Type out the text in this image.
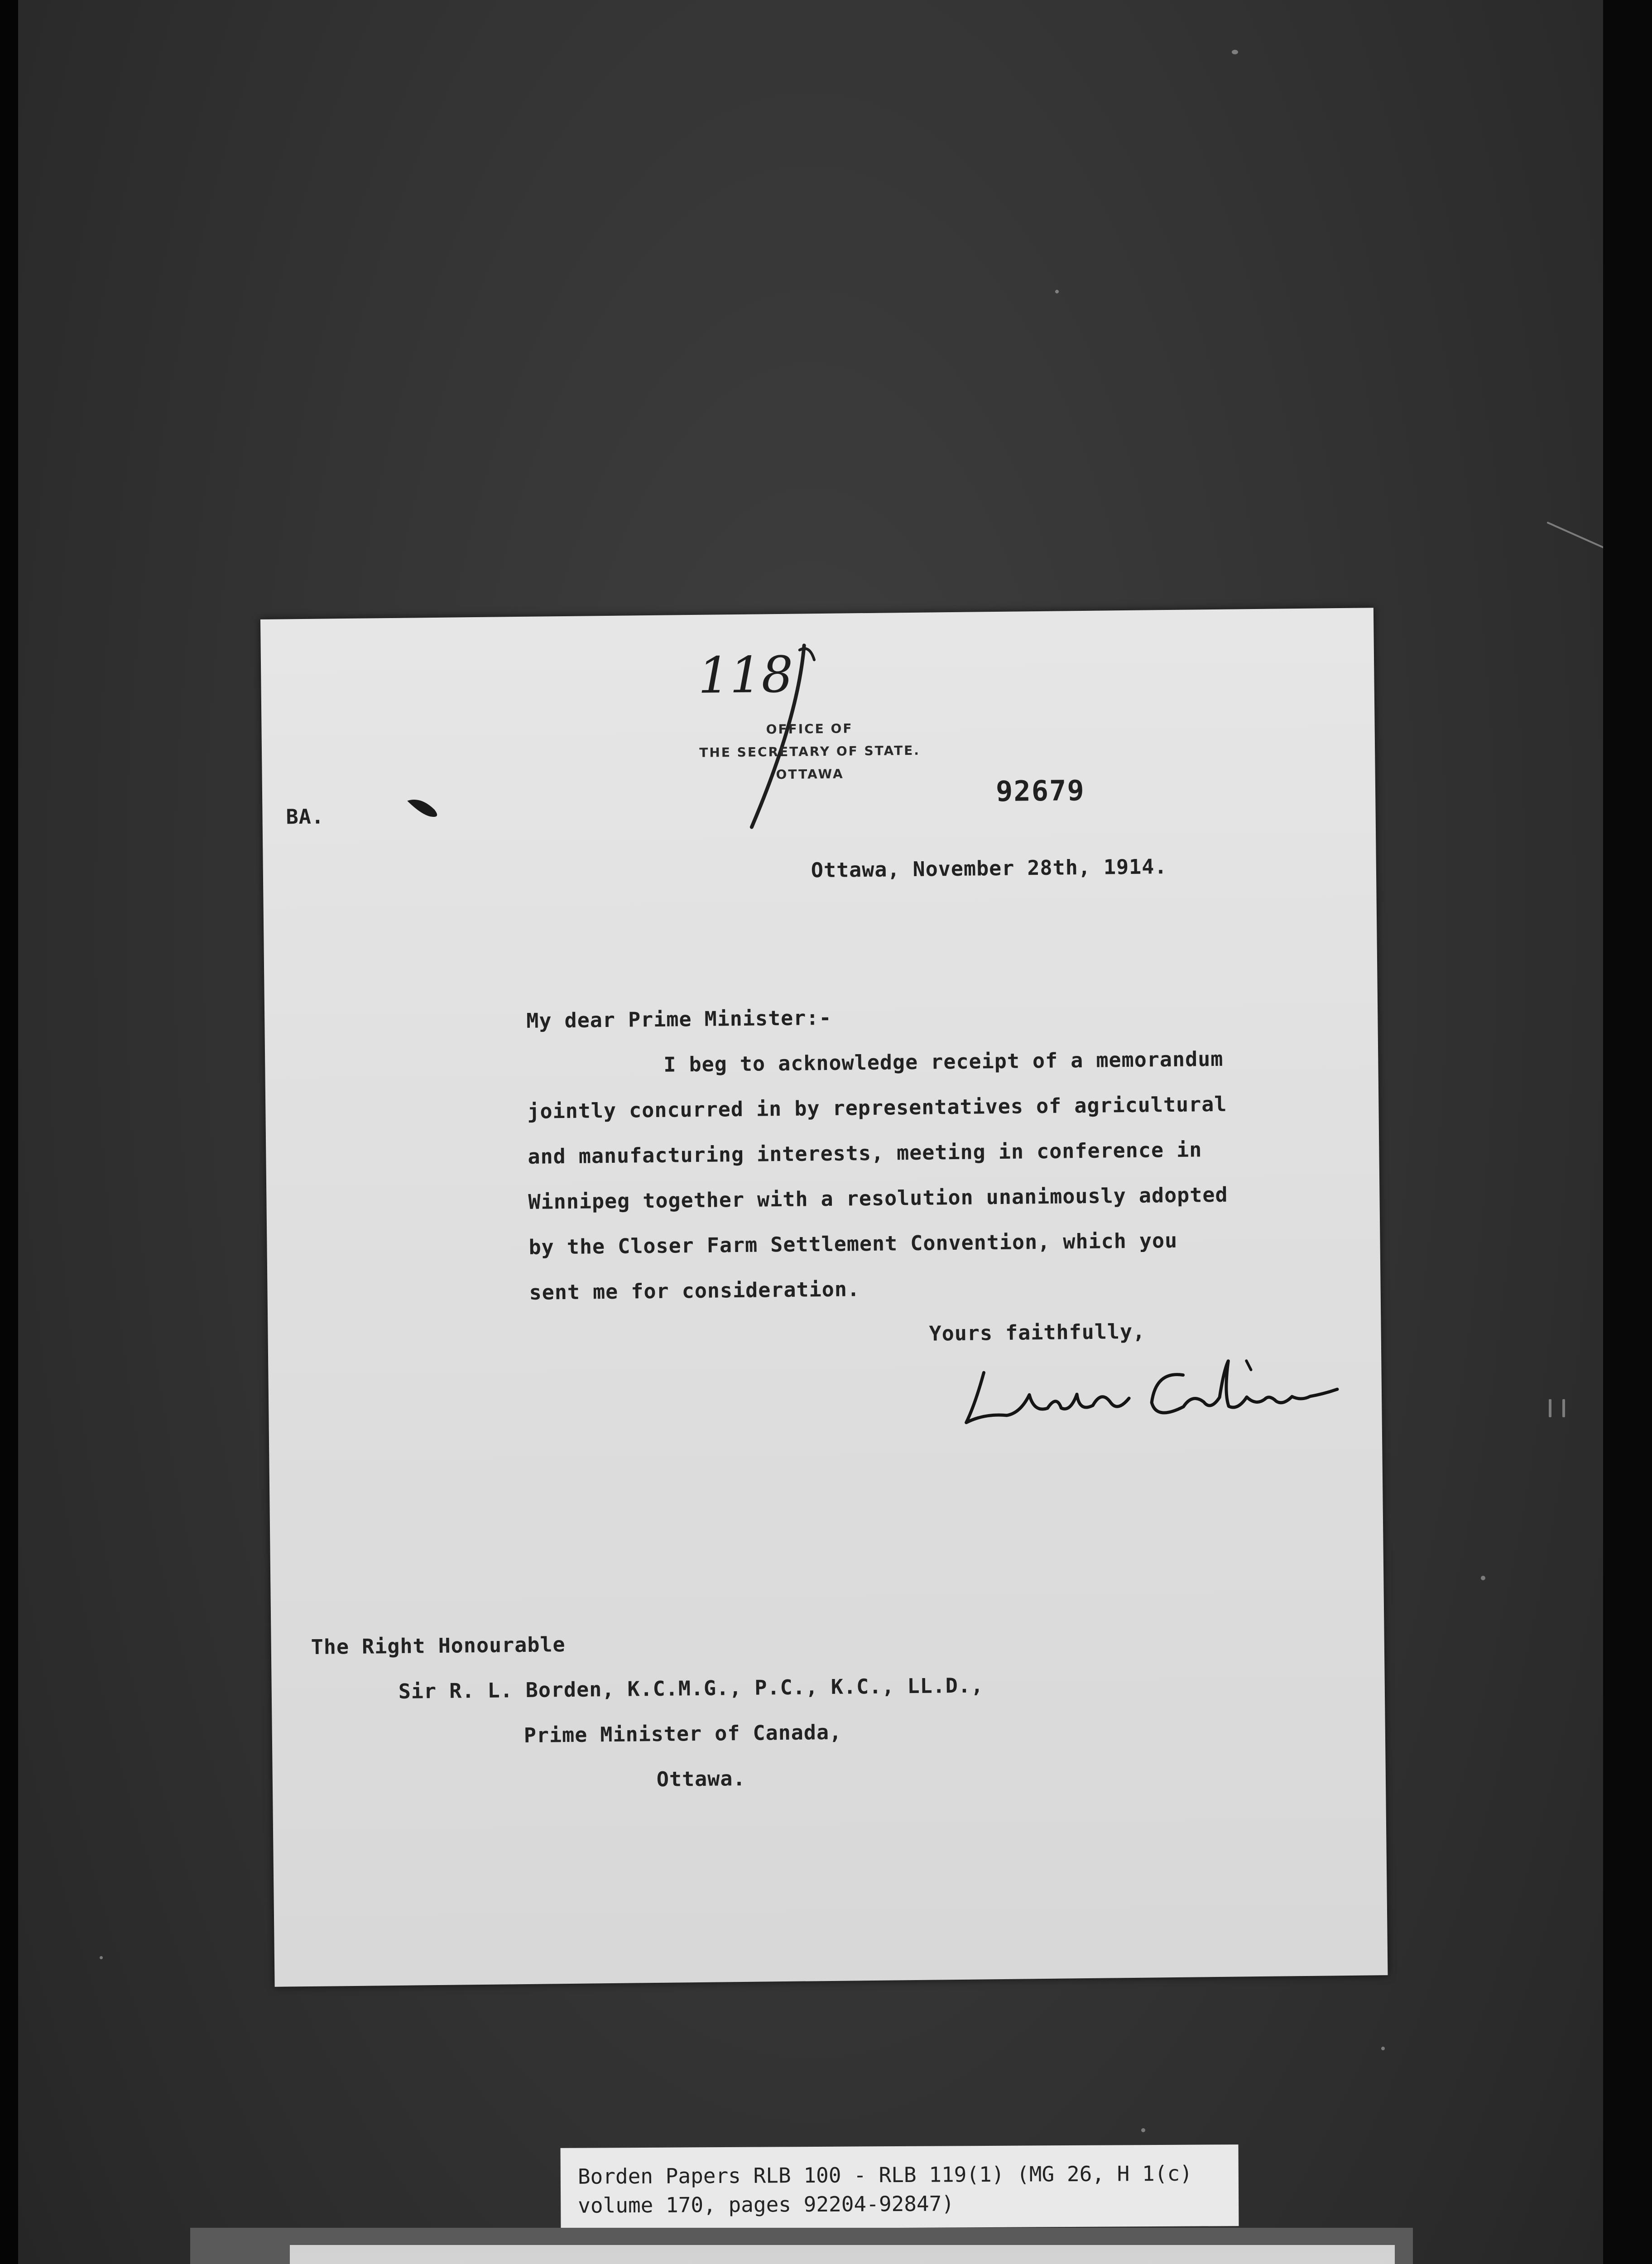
118
OFFICE OF
THE SECRETARY OF STATE.
OTTAWA	92679
BA.
Ottawa, November 28th, 1914.
My dear Prime Minister:-
I beg to acknowledge receipt of a memorandum
jointly concurred in by representatives of agricultural
and manufacturing interests, meeting in conference in
Winnipeg together with a resolution unanimously adopted
by the Closer Farm Settlement Convention, which you
sent me for consideration.
Yours faithfully,
The Right Honourable
Sir R. L. Borden, K.C.M.G., P.C., K.C., LL.D.,
Prime Minister of Canada,
Ottawa.
Borden Papers RLB 100 - RLB 119(1) (MG 26, H 1(c)
volume 170, pages 92204-92847)
